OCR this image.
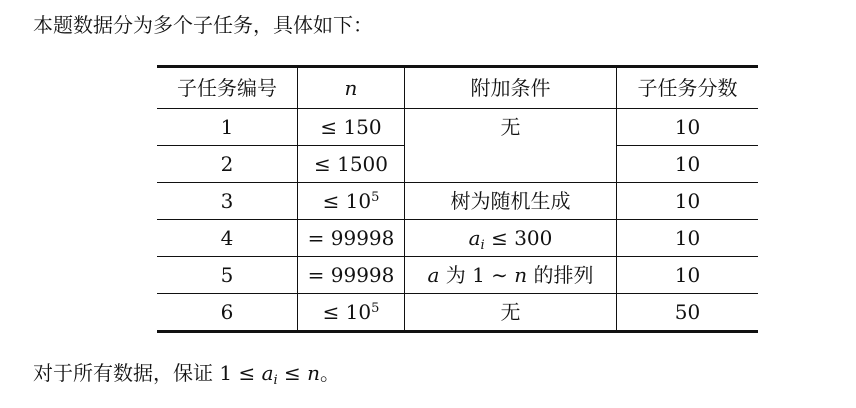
本题数据分为多个子任务，具体如下：
子任务编号	n	附加条件	子任务分数
1	≤ 150	无	10
2	≤ 1500		10
3	≤ $10^5$	树为随机生成	10
4	= 99998	$a_i \le 300$	10
5	= 99998	a 为 1 ∼ n 的排列	10
6	≤ $10^5$	无	50
对于所有数据，保证 $1 \le a_i \le n$。
